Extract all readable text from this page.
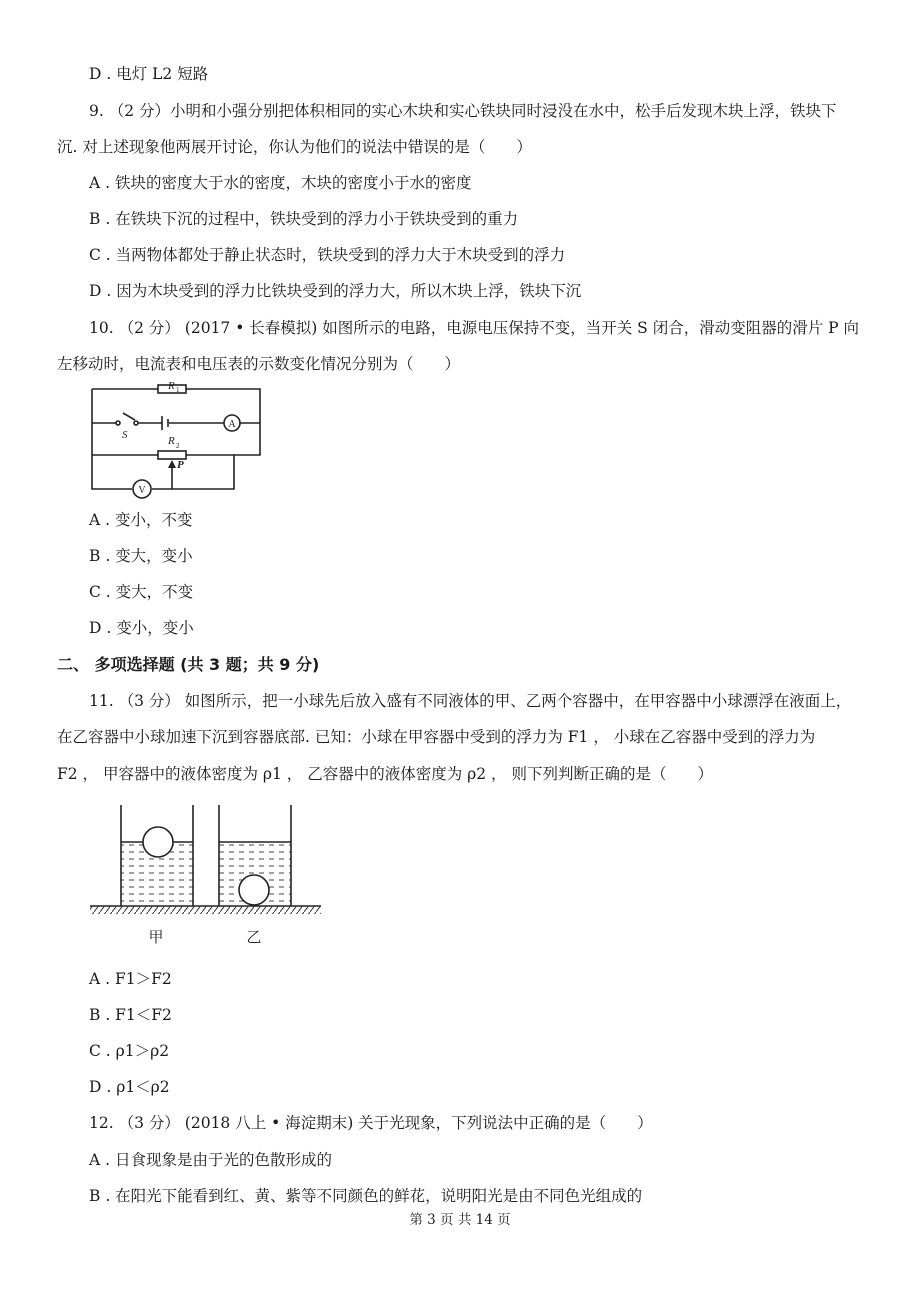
D . 电灯 L2 短路
9. （2 分）小明和小强分别把体积相同的实心木块和实心铁块同时浸没在水中，松手后发现木块上浮，铁块下
沉. 对上述现象他两展开讨论，你认为他们的说法中错误的是（　　）
A . 铁块的密度大于水的密度，木块的密度小于水的密度
B . 在铁块下沉的过程中，铁块受到的浮力小于铁块受到的重力
C . 当两物体都处于静止状态时，铁块受到的浮力大于木块受到的浮力
D . 因为木块受到的浮力比铁块受到的浮力大，所以木块上浮，铁块下沉
10. （2 分） (2017 • 长春模拟) 如图所示的电路，电源电压保持不变，当开关 S 闭合，滑动变阻器的滑片 P 向
左移动时，电流表和电压表的示数变化情况分别为（　　）
R 1
S
A
R 2
P
V
A . 变小，不变
B . 变大，变小
C . 变大，不变
D . 变小，变小
二、 多项选择题 (共 3 题；共 9 分)
11. （3 分） 如图所示，把一小球先后放入盛有不同液体的甲、乙两个容器中，在甲容器中小球漂浮在液面上，
在乙容器中小球加速下沉到容器底部. 已知：小球在甲容器中受到的浮力为 F1 ， 小球在乙容器中受到的浮力为
F2 ， 甲容器中的液体密度为 ρ1 ， 乙容器中的液体密度为 ρ2 ， 则下列判断正确的是（　　）
甲	乙
A . F1＞F2
B . F1＜F2
C . ρ1＞ρ2
D . ρ1＜ρ2
12. （3 分） (2018 八上 • 海淀期末) 关于光现象，下列说法中正确的是（　　）
A . 日食现象是由于光的色散形成的
B . 在阳光下能看到红、黄、紫等不同颜色的鲜花，说明阳光是由不同色光组成的
第 3 页 共 14 页
